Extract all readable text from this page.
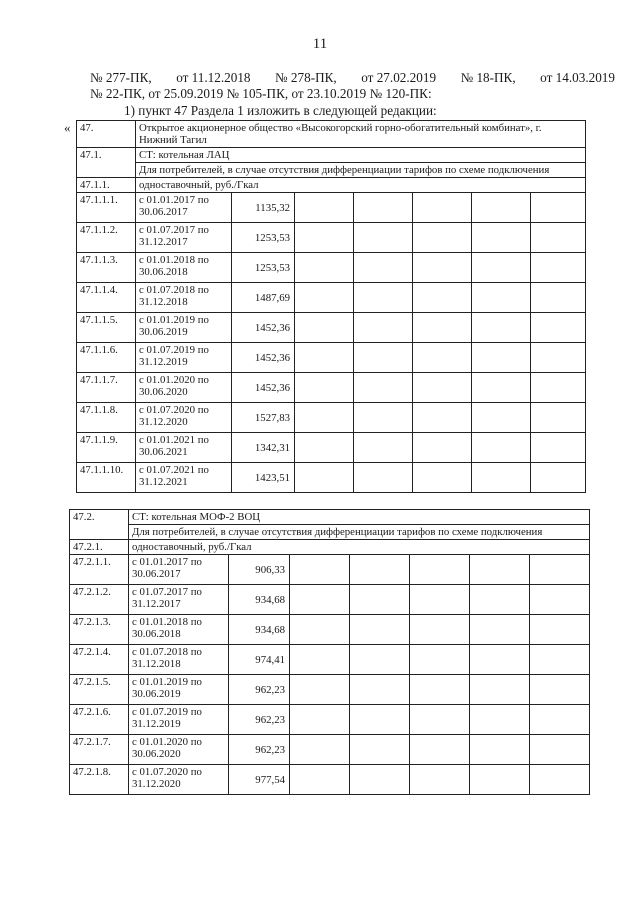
11
№ 277-ПК, от 11.12.2018 № 278-ПК, от 27.02.2019 № 18-ПК, от 14.03.2019
№ 22-ПК, от 25.09.2019 № 105-ПК, от 23.10.2019 № 120-ПК:
1) пункт 47 Раздела 1 изложить в следующей редакции:
« 47.	Открытое акционерное общество «Высокогорский горно-обогатительный комбинат», г. Нижний Тагил						
47.1.	СТ: котельная ЛАЦ						
	Для потребителей, в случае отсутствия дифференциации тарифов по схеме подключения						
47.1.1.	одноставочный, руб./Гкал						
47.1.1.1.	с 01.01.2017 по 30.06.2017	1135,32					
47.1.1.2.	с 01.07.2017 по 31.12.2017	1253,53					
47.1.1.3.	с 01.01.2018 по 30.06.2018	1253,53					
47.1.1.4.	с 01.07.2018 по 31.12.2018	1487,69					
47.1.1.5.	с 01.01.2019 по 30.06.2019	1452,36					
47.1.1.6.	с 01.07.2019 по 31.12.2019	1452,36					
47.1.1.7.	с 01.01.2020 по 30.06.2020	1452,36					
47.1.1.8.	с 01.07.2020 по 31.12.2020	1527,83					
47.1.1.9.	с 01.01.2021 по 30.06.2021	1342,31					
47.1.1.10.	с 01.07.2021 по 31.12.2021	1423,51					
47.2.	СТ: котельная МОФ-2 ВОЦ						
	Для потребителей, в случае отсутствия дифференциации тарифов по схеме подключения						
47.2.1.	одноставочный, руб./Гкал						
47.2.1.1.	с 01.01.2017 по 30.06.2017	906,33					
47.2.1.2.	с 01.07.2017 по 31.12.2017	934,68					
47.2.1.3.	с 01.01.2018 по 30.06.2018	934,68					
47.2.1.4.	с 01.07.2018 по 31.12.2018	974,41					
47.2.1.5.	с 01.01.2019 по 30.06.2019	962,23					
47.2.1.6.	с 01.07.2019 по 31.12.2019	962,23					
47.2.1.7.	с 01.01.2020 по 30.06.2020	962,23					
47.2.1.8.	с 01.07.2020 по 31.12.2020	977,54					
